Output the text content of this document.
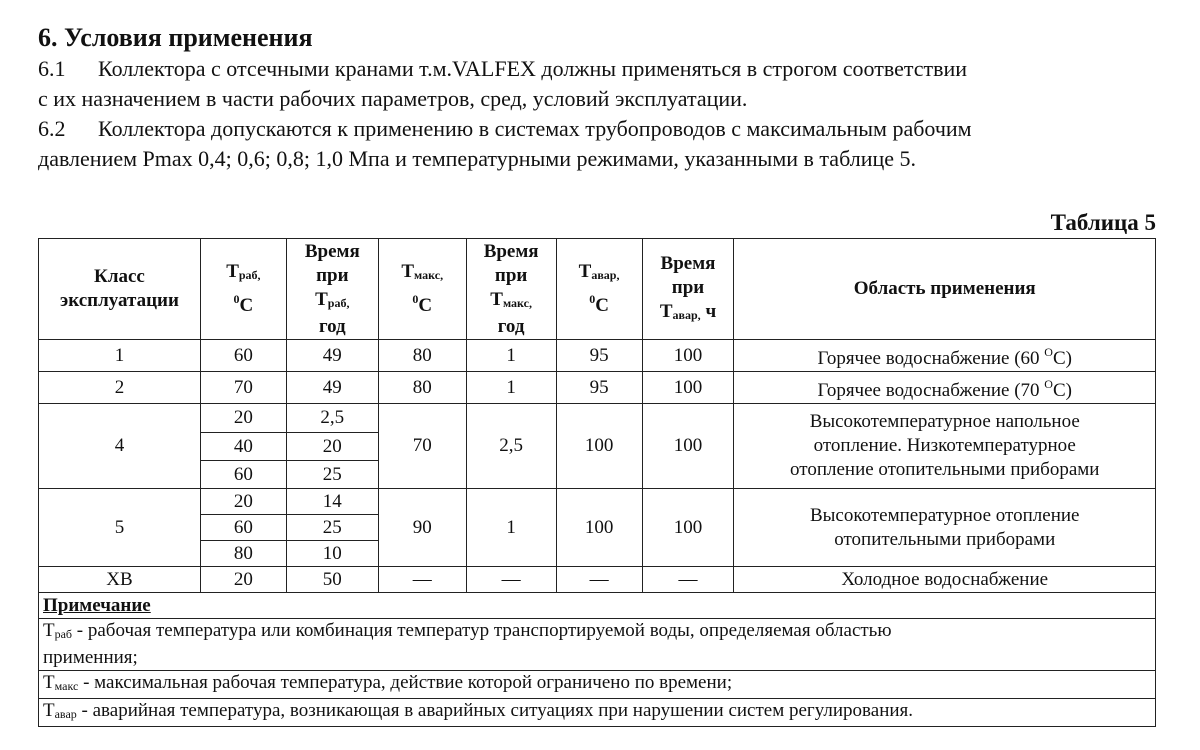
6. Условия применения

6.1 Коллектора с отсечными кранами т.м.VALFEX должны применяться в строгом соответствии

с их назначением в части рабочих параметров, сред, условий эксплуатации.

6.2 Коллектора допускаются к применению в системах трубопроводов с максимальным рабочим

давлением Pmax 0,4; 0,6; 0,8; 1,0 Мпа и температурными режимами, указанными в таблице 5.

Таблица 5
Класс
эксплуатации	$T_{раб,}$
$^0$C	Время
при
$T_{раб,}$
год	$T_{макс,}$
$^0$C	Время
при
$T_{макс,}$
год	$T_{авар,}$
$^0$C	Время
при
$T_{авар,}$ ч	Область применения
1	60	49	80	1	95	100	Горячее водоснабжение (60 $^O$C)
2	70	49	80	1	95	100	Горячее водоснабжение (70 $^O$C)
4	20	2,5	70	2,5	100	100	Высокотемпературное напольное
отопление. Низкотемпературное
отопление отопительными приборами
	40	20					
	60	25					
5	20	14	90	1	100	100	Высокотемпературное отопление
отопительными приборами
	60	25					
	80	10					
ХВ	20	50	—	—	—	—	Холодное водоснабжение
Примечание							
$T_{раб}$ - рабочая температура или комбинация температур транспортируемой воды, определяемая областью
применния;							
$T_{макс}$ - максимальная рабочая температура, действие которой ограничено по времени;							
$T_{авар}$ - аварийная температура, возникающая в аварийных ситуациях при нарушении систем регулирования.							
